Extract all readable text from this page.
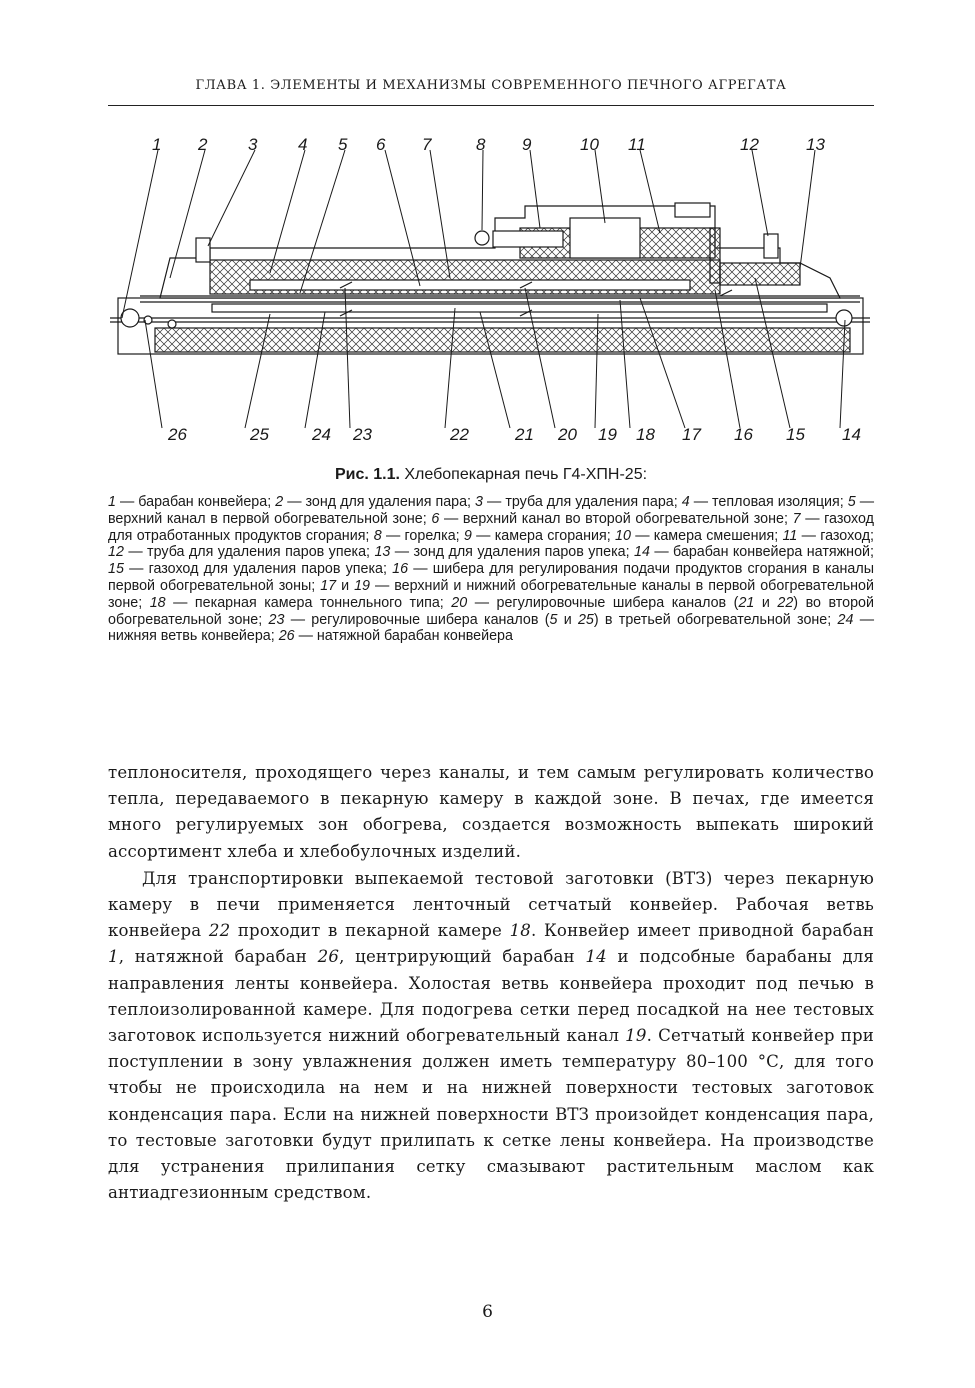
ГЛАВА 1. ЭЛЕМЕНТЫ И МЕХАНИЗМЫ СОВРЕМЕННОГО ПЕЧНОГО АГРЕГАТА
1 2 3 4 5 6 7	8 9	10 11	12	13
26	25	24 23	22	21 20 19 18 17 16 15 14
Рис. 1.1. Хлебопекарная печь Г4-ХПН-25:
1 — барабан конвейера; 2 — зонд для удаления пара; 3 — труба для удаления пара; 4 — тепловая изоляция; 5 — верхний канал в первой обогревательной зоне; 6 — верхний канал во второй обогревательной зоне; 7 — газоход для отработанных продуктов сгорания; 8 — горелка; 9 — камера сгорания; 10 — камера смешения; 11 — газоход; 12 — труба для удаления паров упека; 13 — зонд для удаления паров упека; 14 — барабан конвейера натяжной; 15 — газоход для удаления паров упека; 16 — шибера для регулирования подачи продуктов сгорания в каналы первой обогревательной зоны; 17 и 19 — верхний и нижний обогревательные каналы в первой обогревательной зоне; 18 — пекарная камера тоннельного типа; 20 — регулировочные шибера каналов (21 и 22) во второй обогревательной зоне; 23 — регулировочные шибера каналов (5 и 25) в третьей обогревательной зоне; 24 — нижняя ветвь конвейера; 26 — натяжной барабан конвейера

теплоносителя, проходящего через каналы, и тем самым регулировать количество тепла, передаваемого в пекарную камеру в каждой зоне. В печах, где имеется много регулируемых зон обогрева, создается возможность выпекать широкий ассортимент хлеба и хлебобулочных изделий.

Для транспортировки выпекаемой тестовой заготовки (ВТЗ) через пекарную камеру в печи применяется ленточный сетчатый конвейер. Рабочая ветвь конвейера 22 проходит в пекарной камере 18. Конвейер имеет приводной барабан 1, натяжной барабан 26, центрирующий барабан 14 и подсобные барабаны для направления ленты конвейера. Холостая ветвь конвейера проходит под печью в теплоизолированной камере. Для подогрева сетки перед посадкой на нее тестовых заготовок используется нижний обогревательный канал 19. Сетчатый конвейер при поступлении в зону увлажнения должен иметь температуру 80–100 °С, для того чтобы не происходила на нем и на нижней поверхности тестовых заготовок конденсация пара. Если на нижней поверхности ВТЗ произойдет конденсация пара, то тестовые заготовки будут прилипать к сетке лены конвейера. На производстве для устранения прилипания сетку смазывают растительным маслом как антиадгезионным средством.

6
